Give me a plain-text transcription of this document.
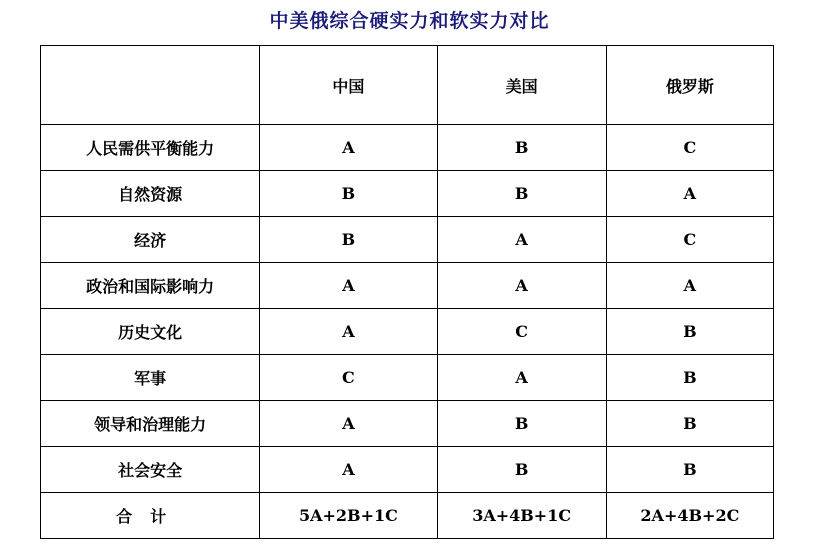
中美俄综合硬实力和软实力对比
	中国	美国	俄罗斯
人民需供平衡能力	A	B	C
自然资源	B	B	A
经济	B	A	C
政治和国际影响力	A	A	A
历史文化	A	C	B
军事	C	A	B
领导和治理能力	A	B	B
社会安全	A	B	B
合计	5A+2B+1C	3A+4B+1C	2A+4B+2C
